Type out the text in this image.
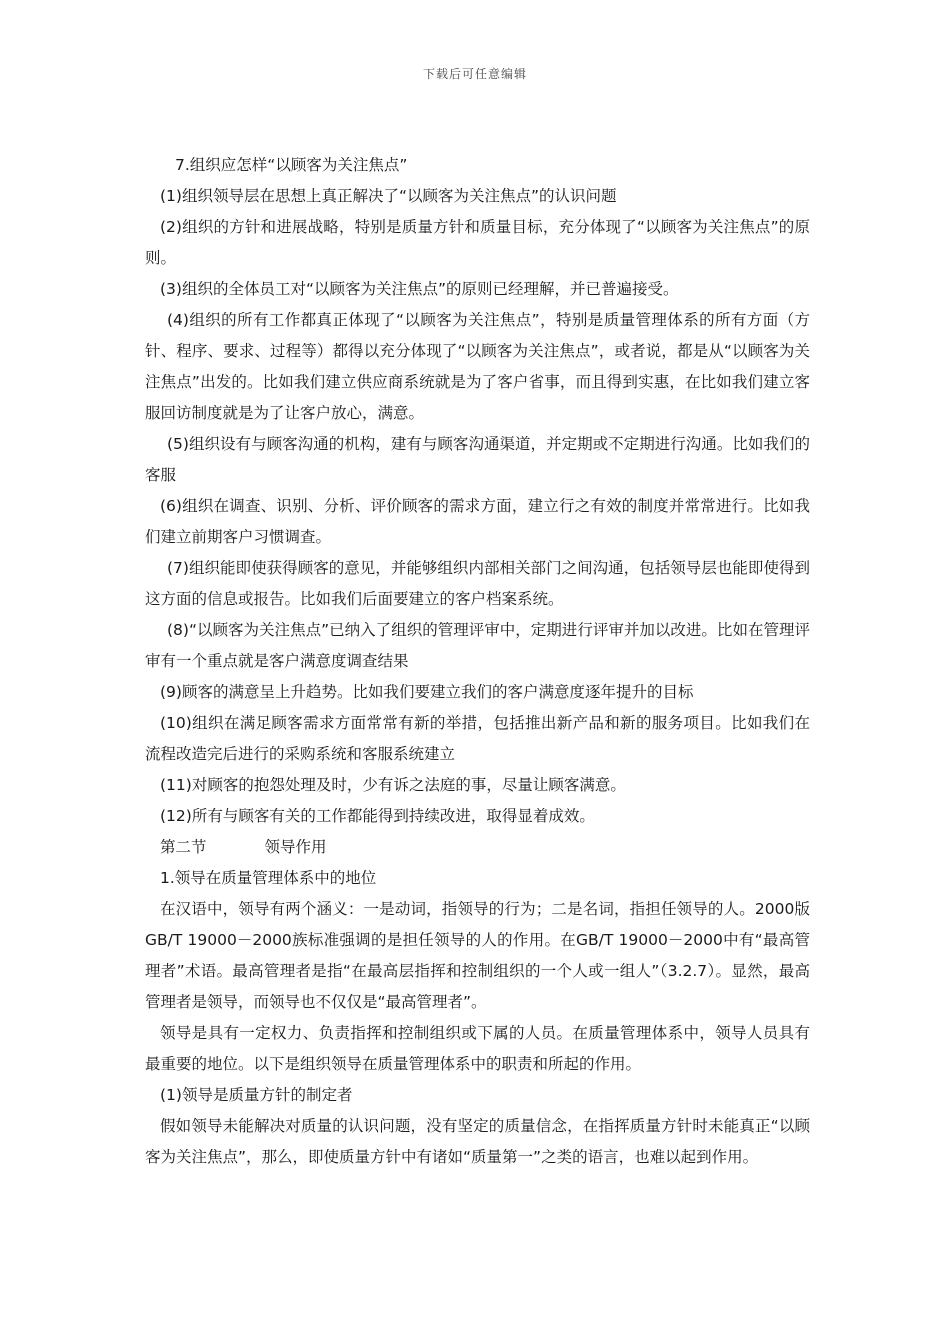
下载后可任意编辑

7.组织应怎样“以顾客为关注焦点”

(1)组织领导层在思想上真正解决了“以顾客为关注焦点”的认识问题

(2)组织的方针和进展战略，特别是质量方针和质量目标，充分体现了“以顾客为关注焦点”的原则。

(3)组织的全体员工对“以顾客为关注焦点”的原则已经理解，并已普遍接受。

(4)组织的所有工作都真正体现了“以顾客为关注焦点”，特别是质量管理体系的所有方面（方针、程序、要求、过程等）都得以充分体现了“以顾客为关注焦点”，或者说，都是从“以顾客为关注焦点”出发的。比如我们建立供应商系统就是为了客户省事，而且得到实惠，在比如我们建立客服回访制度就是为了让客户放心，满意。

(5)组织设有与顾客沟通的机构，建有与顾客沟通渠道，并定期或不定期进行沟通。比如我们的客服

(6)组织在调查、识别、分析、评价顾客的需求方面，建立行之有效的制度并常常进行。比如我们建立前期客户习惯调查。

(7)组织能即使获得顾客的意见，并能够组织内部相关部门之间沟通，包括领导层也能即使得到这方面的信息或报告。比如我们后面要建立的客户档案系统。

(8)“以顾客为关注焦点”已纳入了组织的管理评审中，定期进行评审并加以改进。比如在管理评审有一个重点就是客户满意度调查结果

(9)顾客的满意呈上升趋势。比如我们要建立我们的客户满意度逐年提升的目标

(10)组织在满足顾客需求方面常常有新的举措，包括推出新产品和新的服务项目。比如我们在流程改造完后进行的采购系统和客服系统建立

(11)对顾客的抱怨处理及时，少有诉之法庭的事，尽量让顾客满意。

(12)所有与顾客有关的工作都能得到持续改进，取得显着成效。

第二节	领导作用

1.领导在质量管理体系中的地位

在汉语中，领导有两个涵义：一是动词，指领导的行为；二是名词，指担任领导的人。2000版GB/T 19000－2000族标准强调的是担任领导的人的作用。在GB/T 19000－2000中有“最高管理者”术语。最高管理者是指“在最高层指挥和控制组织的一个人或一组人”（3.2.7）。显然，最高管理者是领导，而领导也不仅仅是“最高管理者”。

领导是具有一定权力、负责指挥和控制组织或下属的人员。在质量管理体系中，领导人员具有最重要的地位。以下是组织领导在质量管理体系中的职责和所起的作用。

(1)领导是质量方针的制定者

假如领导未能解决对质量的认识问题，没有坚定的质量信念，在指挥质量方针时未能真正“以顾客为关注焦点”，那么，即使质量方针中有诸如“质量第一”之类的语言，也难以起到作用。
